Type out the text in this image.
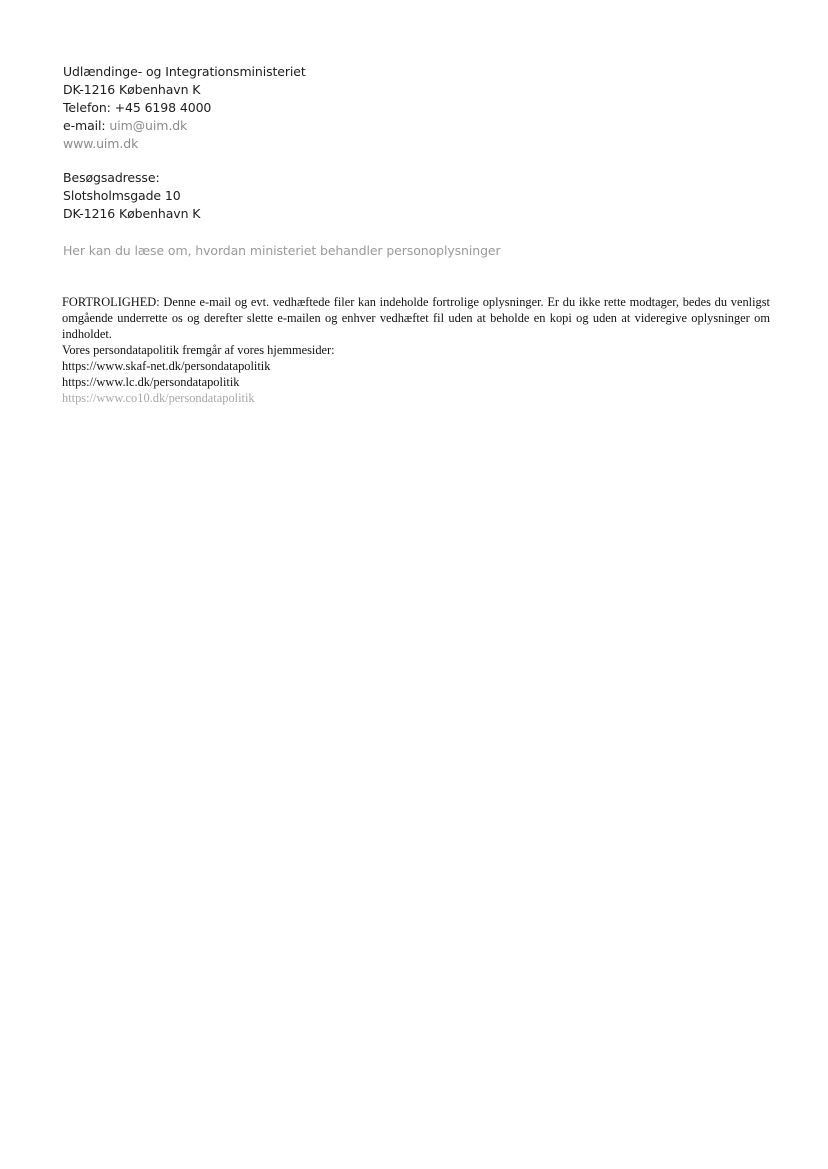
Udlændinge- og Integrationsministeriet
DK-1216 København K
Telefon: +45 6198 4000
e-mail: uim@uim.dk
www.uim.dk
Besøgsadresse:
Slotsholmsgade 10
DK-1216 København K
Her kan du læse om, hvordan ministeriet behandler personoplysninger

FORTROLIGHED: Denne e-mail og evt. vedhæftede filer kan indeholde fortrolige oplysninger. Er du ikke rette modtager, bedes du venligst omgående underrette os og derefter slette e-mailen og enhver vedhæftet fil uden at beholde en kopi og uden at videregive oplysninger om indholdet.

Vores persondatapolitik fremgår af vores hjemmesider:
https://www.skaf-net.dk/persondatapolitik
https://www.lc.dk/persondatapolitik
https://www.co10.dk/persondatapolitik
